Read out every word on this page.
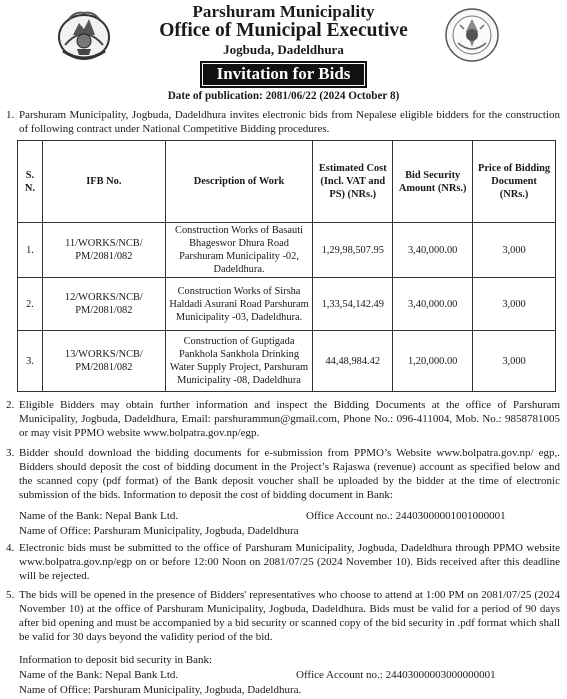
Parshuram Municipality
Office of Municipal Executive
Jogbuda, Dadeldhura
Invitation for Bids
Date of publication: 2081/06/22 (2024 October 8)
1. Parshuram Municipality, Jogbuda, Dadeldhura invites electronic bids from Nepalese eligible bidders for the construction of following contract under National Competitive Bidding procedures.

S. N.	IFB No.	Description of Work	Estimated Cost (Incl. VAT and PS) (NRs.)	Bid Security Amount (NRs.)	Price of Bidding Document (NRs.)
1.	11/WORKS/NCB/ PM/2081/082	Construction Works of Basauti Bhageswor Dhura Road Parshuram Municipality -02, Dadeldhura.	1,29,98,507.95	3,40,000.00	3,000
2.	12/WORKS/NCB/ PM/2081/082	Construction Works of Sirsha Haldadi Asurani Road Parshuram Municipality -03, Dadeldhura.	1,33,54,142.49	3,40,000.00	3,000
3.	13/WORKS/NCB/ PM/2081/082	Construction of Guptigada Pankhola Sankhola Drinking Water Supply Project, Parshuram Municipality -08, Dadeldhura	44,48,984.42	1,20,000.00	3,000
2. Eligible Bidders may obtain further information and inspect the Bidding Documents at the office of Parshuram Municipality, Jogbuda, Dadeldhura, Email: parshurammun@gmail.com, Phone No.: 096-411004, Mob. No.: 9858781005 or may visit PPMO website www.bolpatra.gov.np/egp.

3. Bidder should download the bidding documents for e-submission from PPMO’s Website www.bolpatra.gov.np/ egp,. Bidders should deposit the cost of bidding document in the Project’s Rajaswa (revenue) account as specified below and the scanned copy (pdf format) of the Bank deposit voucher shall be uploaded by the bidder at the time of electronic submission of the bids. Information to deposit the cost of bidding document in Bank:

Name of the Bank: Nepal Bank Ltd.	Office Account no.: 24403000001001000001
Name of Office: Parshuram Municipality, Jogbuda, Dadeldhura
4. Electronic bids must be submitted to the office of Parshuram Municipality, Jogbuda, Dadeldhura through PPMO website www.bolpatra.gov.np/egp on or before 12:00 Noon on 2081/07/25 (2024 November 10). Bids received after this deadline will be rejected.

5. The bids will be opened in the presence of Bidders' representatives who choose to attend at 1:00 PM on 2081/07/25 (2024 November 10) at the office of Parshuram Municipality, Jogbuda, Dadeldhura. Bids must be valid for a period of 90 days after bid opening and must be accompanied by a bid security or scanned copy of the bid security in .pdf format which shall be valid for 30 days beyond the validity period of the bid.

Information to deposit bid security in Bank:
Name of the Bank: Nepal Bank Ltd.	Office Account no.: 24403000003000000001
Name of Office: Parshuram Municipality, Jogbuda, Dadeldhura.
